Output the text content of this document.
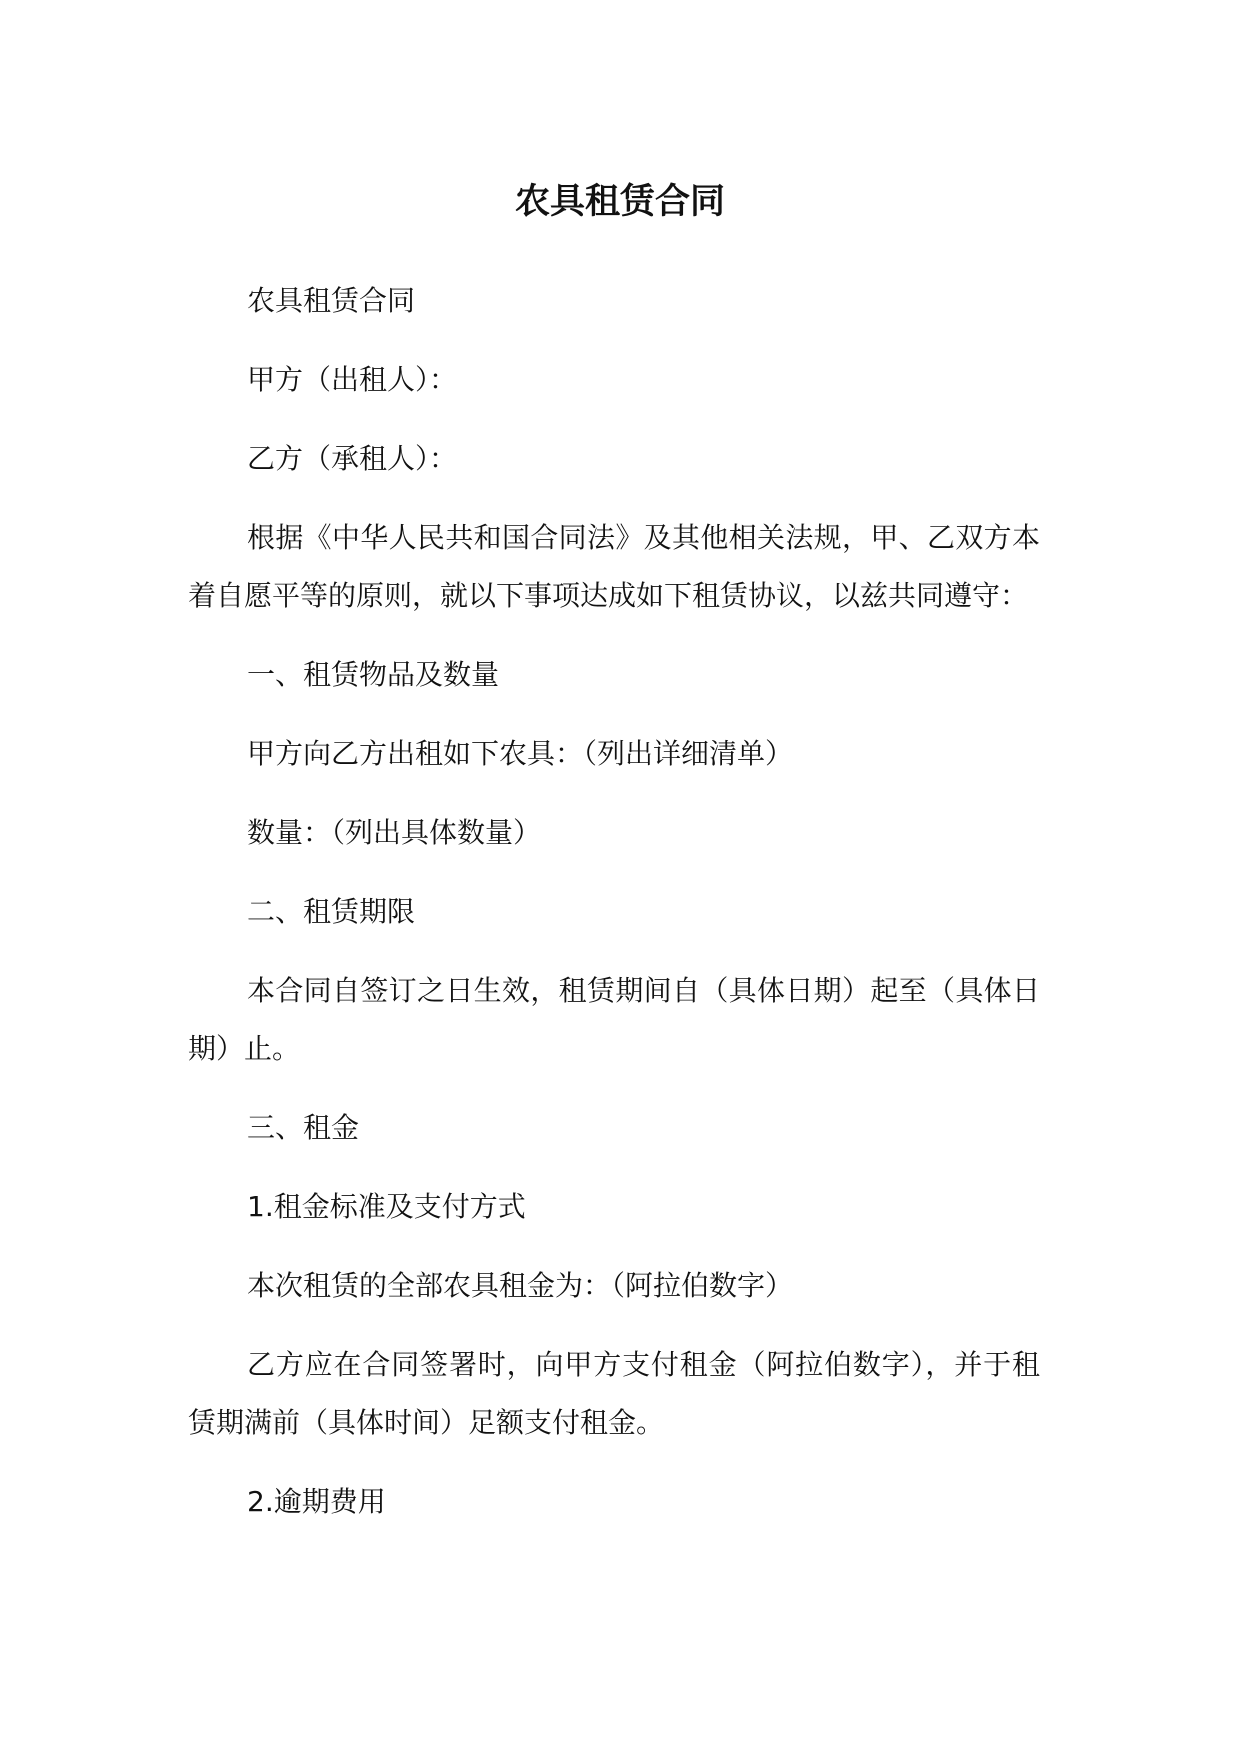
农具租赁合同

农具租赁合同

甲方（出租人）：

乙方（承租人）：

根据《中华人民共和国合同法》及其他相关法规，甲、乙双方本着自愿平等的原则，就以下事项达成如下租赁协议，以兹共同遵守：

一、租赁物品及数量

甲方向乙方出租如下农具：（列出详细清单）

数量：（列出具体数量）

二、租赁期限

本合同自签订之日生效，租赁期间自（具体日期）起至（具体日期）止。

三、租金

1.租金标准及支付方式

本次租赁的全部农具租金为：（阿拉伯数字）

乙方应在合同签署时，向甲方支付租金（阿拉伯数字），并于租赁期满前（具体时间）足额支付租金。

2.逾期费用
